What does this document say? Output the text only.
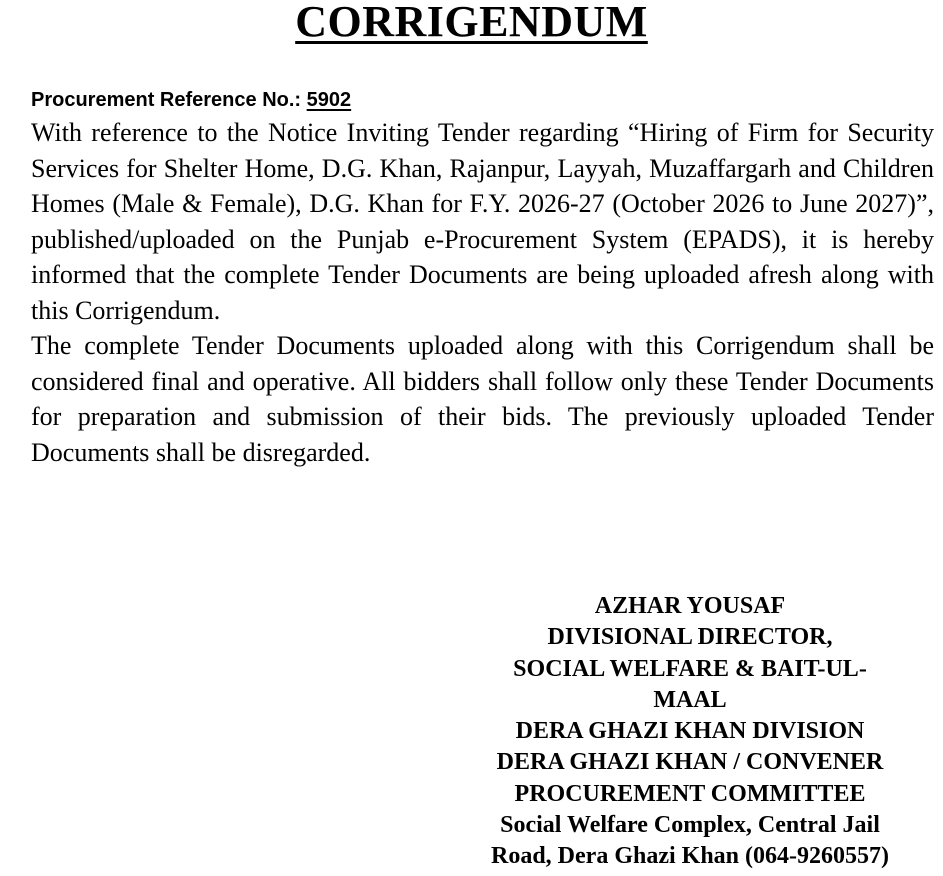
CORRIGENDUM
Procurement Reference No.: 5902

With reference to the Notice Inviting Tender regarding “Hiring of Firm for Security Services for Shelter Home, D.G. Khan, Rajanpur, Layyah, Muzaffargarh and Children Homes (Male & Female), D.G. Khan for F.Y. 2026-27 (October 2026 to June 2027)”, published/uploaded on the Punjab e-Procurement System (EPADS), it is hereby informed that the complete Tender Documents are being uploaded afresh along with this Corrigendum.

The complete Tender Documents uploaded along with this Corrigendum shall be considered final and operative. All bidders shall follow only these Tender Documents for preparation and submission of their bids. The previously uploaded Tender Documents shall be disregarded.

AZHAR YOUSAF
DIVISIONAL DIRECTOR,
SOCIAL WELFARE & BAIT-UL-
MAAL
DERA GHAZI KHAN DIVISION
DERA GHAZI KHAN / CONVENER
PROCUREMENT COMMITTEE
Social Welfare Complex, Central Jail
Road, Dera Ghazi Khan (064-9260557)
